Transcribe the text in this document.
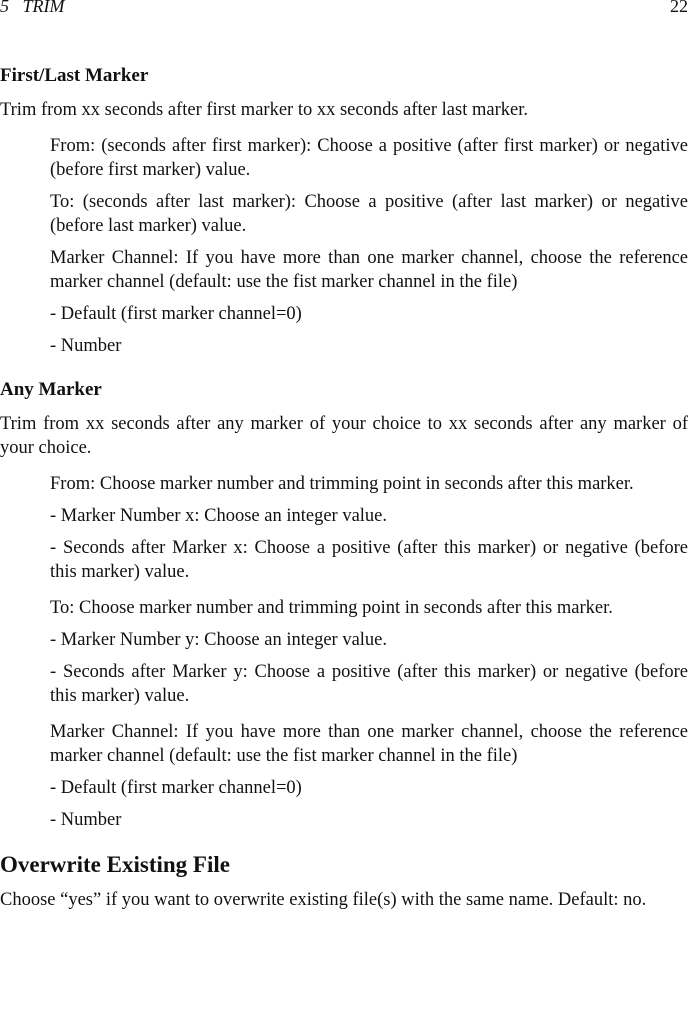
5   TRIM	22
First/Last Marker

Trim from xx seconds after first marker to xx seconds after last marker.

From: (seconds after first marker): Choose a positive (after first marker) or negative (before first marker) value.

To: (seconds after last marker): Choose a positive (after last marker) or negative (before last marker) value.

Marker Channel: If you have more than one marker channel, choose the reference marker channel (default: use the fist marker channel in the file)

- Default (first marker channel=0)

- Number

Any Marker

Trim from xx seconds after any marker of your choice to xx seconds after any marker of your choice.

From: Choose marker number and trimming point in seconds after this marker.

- Marker Number x: Choose an integer value.

- Seconds after Marker x: Choose a positive (after this marker) or negative (before this marker) value.

To: Choose marker number and trimming point in seconds after this marker.

- Marker Number y: Choose an integer value.

- Seconds after Marker y: Choose a positive (after this marker) or negative (before this marker) value.

Marker Channel: If you have more than one marker channel, choose the reference marker channel (default: use the fist marker channel in the file)

- Default (first marker channel=0)

- Number

Overwrite Existing File

Choose “yes” if you want to overwrite existing file(s) with the same name. Default: no.
